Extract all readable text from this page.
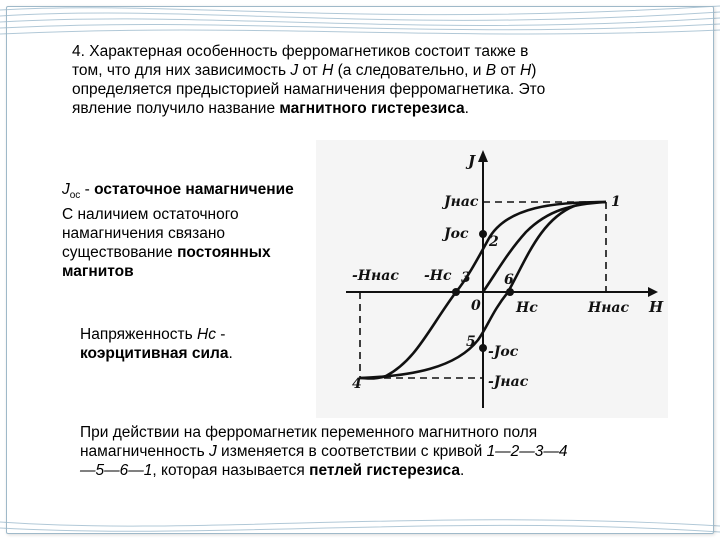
4. Характерная особенность ферромагнетиков состоит также в
том, что для них зависимость J от H (а следовательно, и B от H)
определяется предысторией намагничения ферромагнетика. Это
явление получило название магнитного гистерезиса.
$J_{ос}$ - остаточное намагничение
С наличием остаточного
намагничения связано
существование постоянных
магнитов
J
H
Jнас
Jос 2
1
-Hнас -Hс 3 6
0	Hс	Hнас
5
-Jос
4	-Jнас
Напряженность Нс -
коэрцитивная сила.
При действии на ферромагнетик переменного магнитного поля
намагниченность J изменяется в соответствии с кривой 1—2—3—4
—5—6—1, которая называется петлей гистерезиса.
